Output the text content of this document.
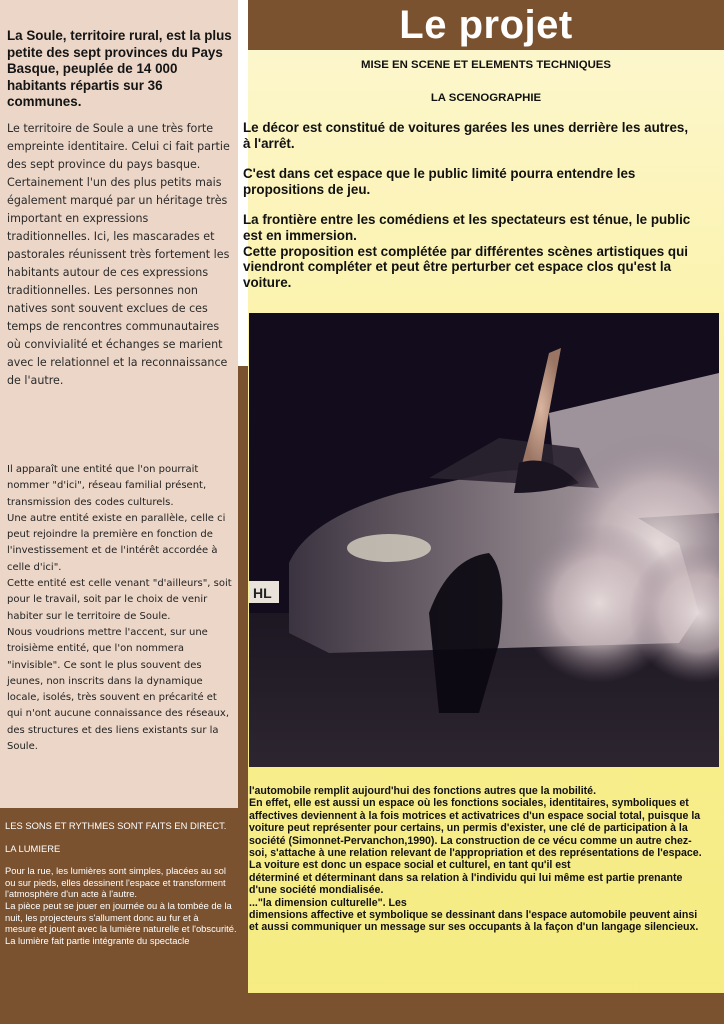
La Soule, territoire rural, est la plus petite des sept provinces du Pays Basque, peuplée de 14 000 habitants répartis sur 36 communes.

Le territoire de Soule a une très forte empreinte identitaire. Celui ci fait partie des sept province du pays basque. Certainement l'un des plus petits mais également marqué par un héritage très important en expressions traditionnelles. Ici, les mascarades et pastorales réunissent très fortement les habitants autour de ces expressions traditionnelles. Les personnes non natives sont souvent exclues de ces temps de rencontres communautaires où convivialité et échanges se marient avec le relationnel et la reconnaissance de l'autre.

Il apparaît une entité que l'on pourrait nommer "d'ici", réseau familial présent, transmission des codes culturels.

Une autre entité existe en parallèle, celle ci peut rejoindre la première en fonction de l'investissement et de l'intérêt accordée à celle d'ici".

Cette entité est celle venant "d'ailleurs", soit pour le travail, soit par le choix de venir habiter sur le territoire de Soule.

Nous voudrions mettre l'accent, sur une troisième entité, que l'on nommera "invisible". Ce sont le plus souvent des jeunes, non inscrits dans la dynamique locale, isolés, très souvent en précarité et qui n'ont aucune connaissance des réseaux, des structures et des liens existants sur la Soule.

LES SONS ET RYTHMES SONT FAITS EN DIRECT.

LA LUMIERE

Pour la rue, les lumières sont simples, placées au sol ou sur pieds, elles dessinent l'espace et transforment l'atmosphère d'un acte à l'autre.

La pièce peut se jouer en journée ou à la tombée de la nuit, les projecteurs s'allument donc au fur et à

mesure et jouent avec la lumière naturelle et l'obscurité.

La lumière fait partie intégrante du spectacle

Le projet
MISE EN SCENE ET ELEMENTS TECHNIQUES
LA SCENOGRAPHIE

Le décor est constitué de voitures garées les unes derrière les autres, à l'arrêt.

C'est dans cet espace que le public limité pourra entendre les propositions de jeu.

La frontière entre les comédiens et les spectateurs est ténue, le public est en immersion.

Cette proposition est complétée par différentes scènes artistiques qui viendront compléter et peut être perturber cet espace clos qu'est la voiture.

HL

l'automobile remplit aujourd'hui des fonctions autres que la mobilité.

En effet, elle est aussi un espace où les fonctions sociales, identitaires, symboliques et affectives deviennent à la fois motrices et activatrices d'un espace social total, puisque la

voiture peut représenter pour certains, un permis d'exister, une clé de participation à la société (Simonnet-Pervanchon,1990). La construction de ce vécu comme un autre chez-soi, s'attache à une relation relevant de l'appropriation et des représentations de l'espace.

La voiture est donc un espace social et culturel, en tant qu'il est

déterminé et déterminant dans sa relation à l'individu qui lui même est partie prenante d'une société mondialisée.

..."la dimension culturelle". Les

dimensions affective et symbolique se dessinant dans l'espace automobile peuvent ainsi et aussi communiquer un message sur ses occupants à la façon d'un langage silencieux.
